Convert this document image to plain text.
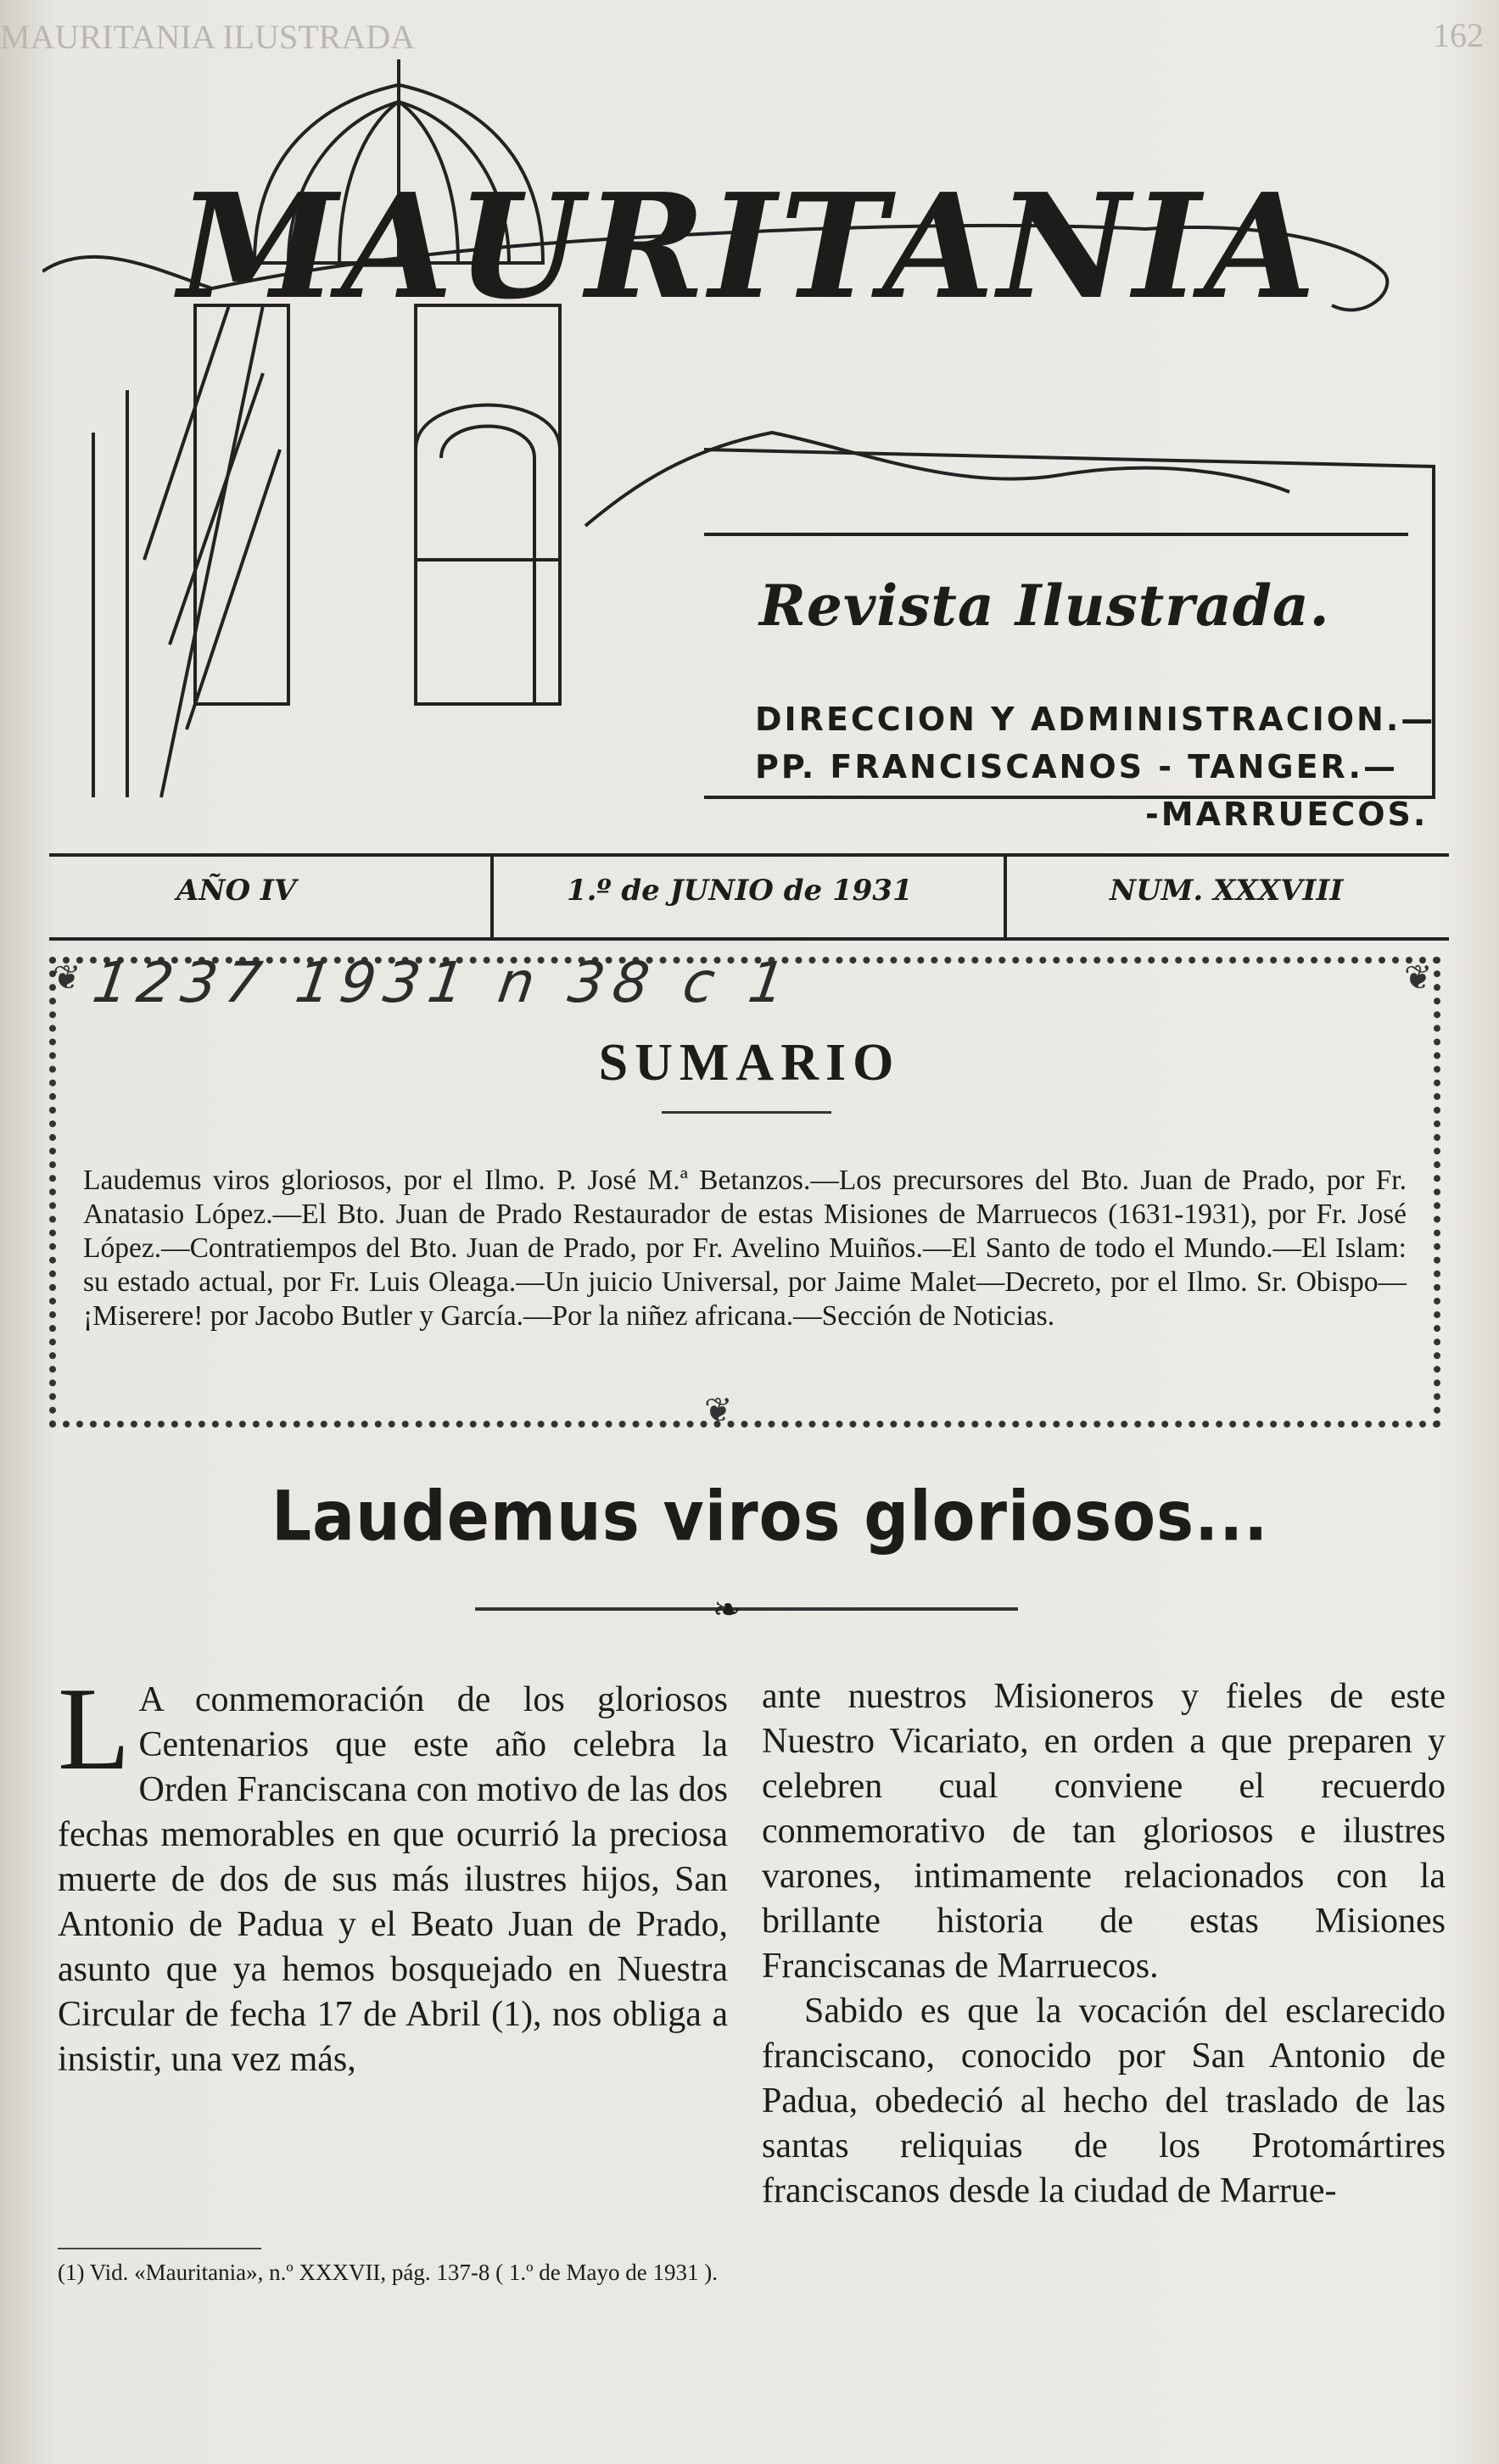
MAURITANIA ILUSTRADA	162
MAURITANIA
Revista Ilustrada.
DIRECCION Y ADMINISTRACION.—
PP. FRANCISCANOS - TANGER.—
-MARRUECOS.
AÑO IV	1.º de JUNIO de 1931	NUM. XXXVIII
❦	❦
❦
1237 1931 n 38 c 1
SUMARIO
Laudemus viros gloriosos, por el Ilmo. P. José M.ª Betanzos.—Los precursores del Bto. Juan de Prado, por Fr. Anatasio López.—El Bto. Juan de Prado Restaurador de estas Misiones de Marruecos (1631-1931), por Fr. José López.—Contratiempos del Bto. Juan de Prado, por Fr. Avelino Muiños.—El Santo de todo el Mundo.—El Islam: su estado actual, por Fr. Luis Oleaga.—Un juicio Universal, por Jaime Malet—Decreto, por el Ilmo. Sr. Obispo—¡Miserere! por Jacobo Butler y García.—Por la niñez africana.—Sección de Noticias.
Laudemus viros gloriosos...
❧

L A conmemoración de los gloriosos Centenarios que este año celebra la Orden Franciscana con motivo de las dos fechas memorables en que ocurrió la preciosa muerte de dos de sus más ilustres hijos, San Antonio de Padua y el Beato Juan de Prado, asunto que ya hemos bosquejado en Nuestra Circular de fecha 17 de Abril (1), nos obliga a insistir, una vez más,

ante nuestros Misioneros y fieles de este Nuestro Vicariato, en orden a que preparen y celebren cual conviene el recuerdo conmemorativo de tan gloriosos e ilustres varones, intimamente relacionados con la brillante historia de estas Misiones Franciscanas de Marruecos.

Sabido es que la vocación del esclarecido franciscano, conocido por San Antonio de Padua, obedeció al hecho del traslado de las santas reliquias de los Protomártires franciscanos desde la ciudad de Marrue-

(1) Vid. «Mauritania», n.º XXXVII, pág. 137-8 ( 1.º de Mayo de 1931 ).
